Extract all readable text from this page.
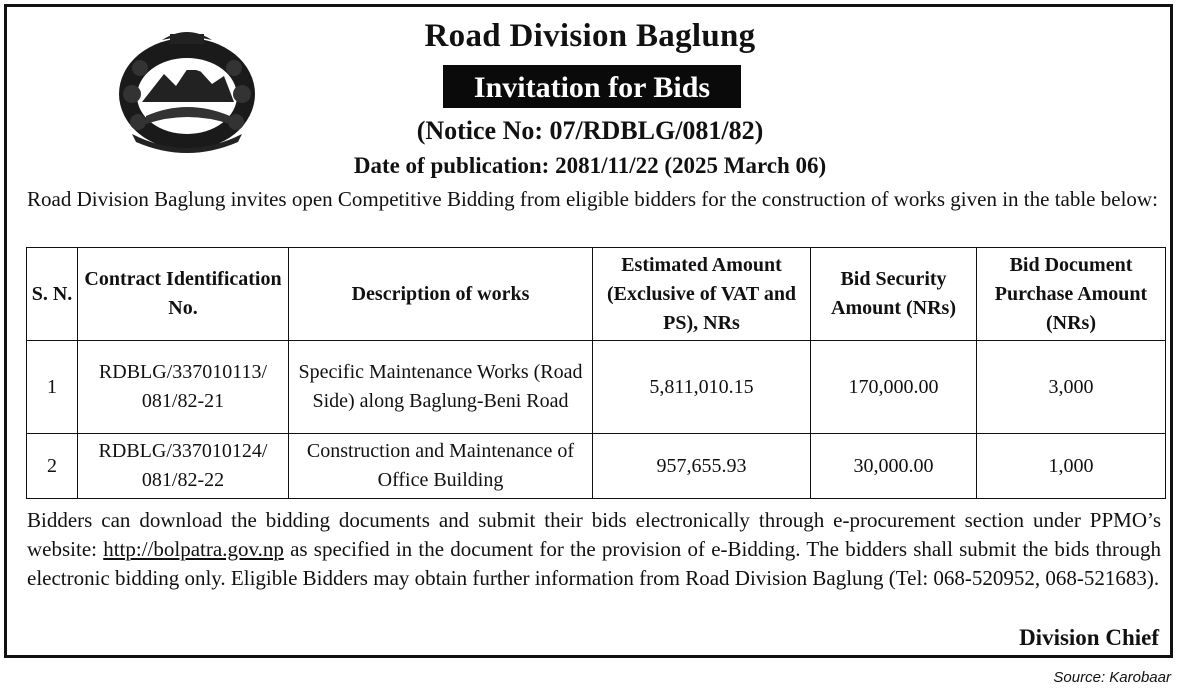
Road Division Baglung
Invitation for Bids
(Notice No: 07/RDBLG/081/82)
Date of publication: 2081/11/22 (2025 March 06)
Road Division Baglung invites open Competitive Bidding from eligible bidders for the construction of works given in the table below:
S. N.	Contract Identification No.	Description of works	Estimated Amount (Exclusive of VAT and PS), NRs	Bid Security Amount (NRs)	Bid Document Purchase Amount (NRs)
1	RDBLG/337010113/ 081/82-21	Specific Maintenance Works (Road Side) along Baglung-Beni Road	5,811,010.15	170,000.00	3,000
2	RDBLG/337010124/ 081/82-22	Construction and Maintenance of Office Building	957,655.93	30,000.00	1,000
Bidders can download the bidding documents and submit their bids electronically through e-procurement section under PPMO’s website: http://bolpatra.gov.np as specified in the document for the provision of e-Bidding. The bidders shall submit the bids through electronic bidding only. Eligible Bidders may obtain further information from Road Division Baglung (Tel: 068-520952, 068-521683).
Division Chief
Source: Karobaar
